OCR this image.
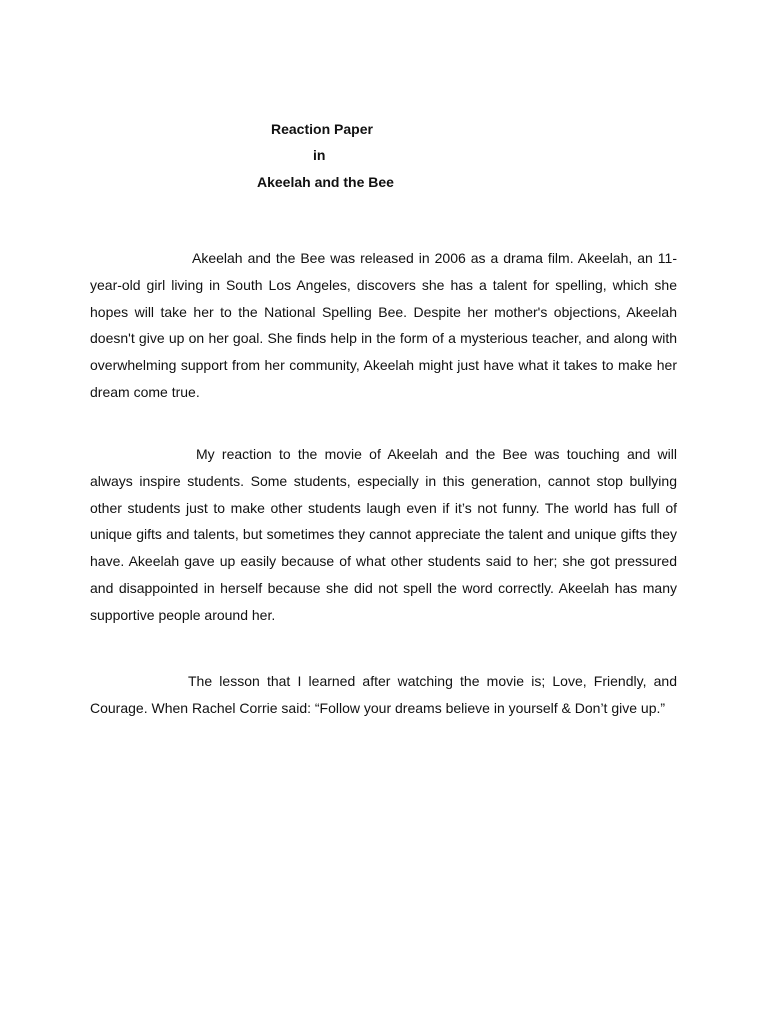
Reaction Paper
in
Akeelah and the Bee

Akeelah and the Bee was released in 2006 as a drama film. Akeelah, an 11-year-old girl living in South Los Angeles, discovers she has a talent for spelling, which she hopes will take her to the National Spelling Bee. Despite her mother's objections, Akeelah doesn't give up on her goal. She finds help in the form of a mysterious teacher, and along with overwhelming support from her community, Akeelah might just have what it takes to make her dream come true.

My reaction to the movie of Akeelah and the Bee was touching and will always inspire students. Some students, especially in this generation, cannot stop bullying other students just to make other students laugh even if it’s not funny. The world has full of unique gifts and talents, but sometimes they cannot appreciate the talent and unique gifts they have. Akeelah gave up easily because of what other students said to her; she got pressured and disappointed in herself because she did not spell the word correctly. Akeelah has many supportive people around her.

The lesson that I learned after watching the movie is; Love, Friendly, and Courage. When Rachel Corrie said: “Follow your dreams believe in yourself & Don’t give up.”
